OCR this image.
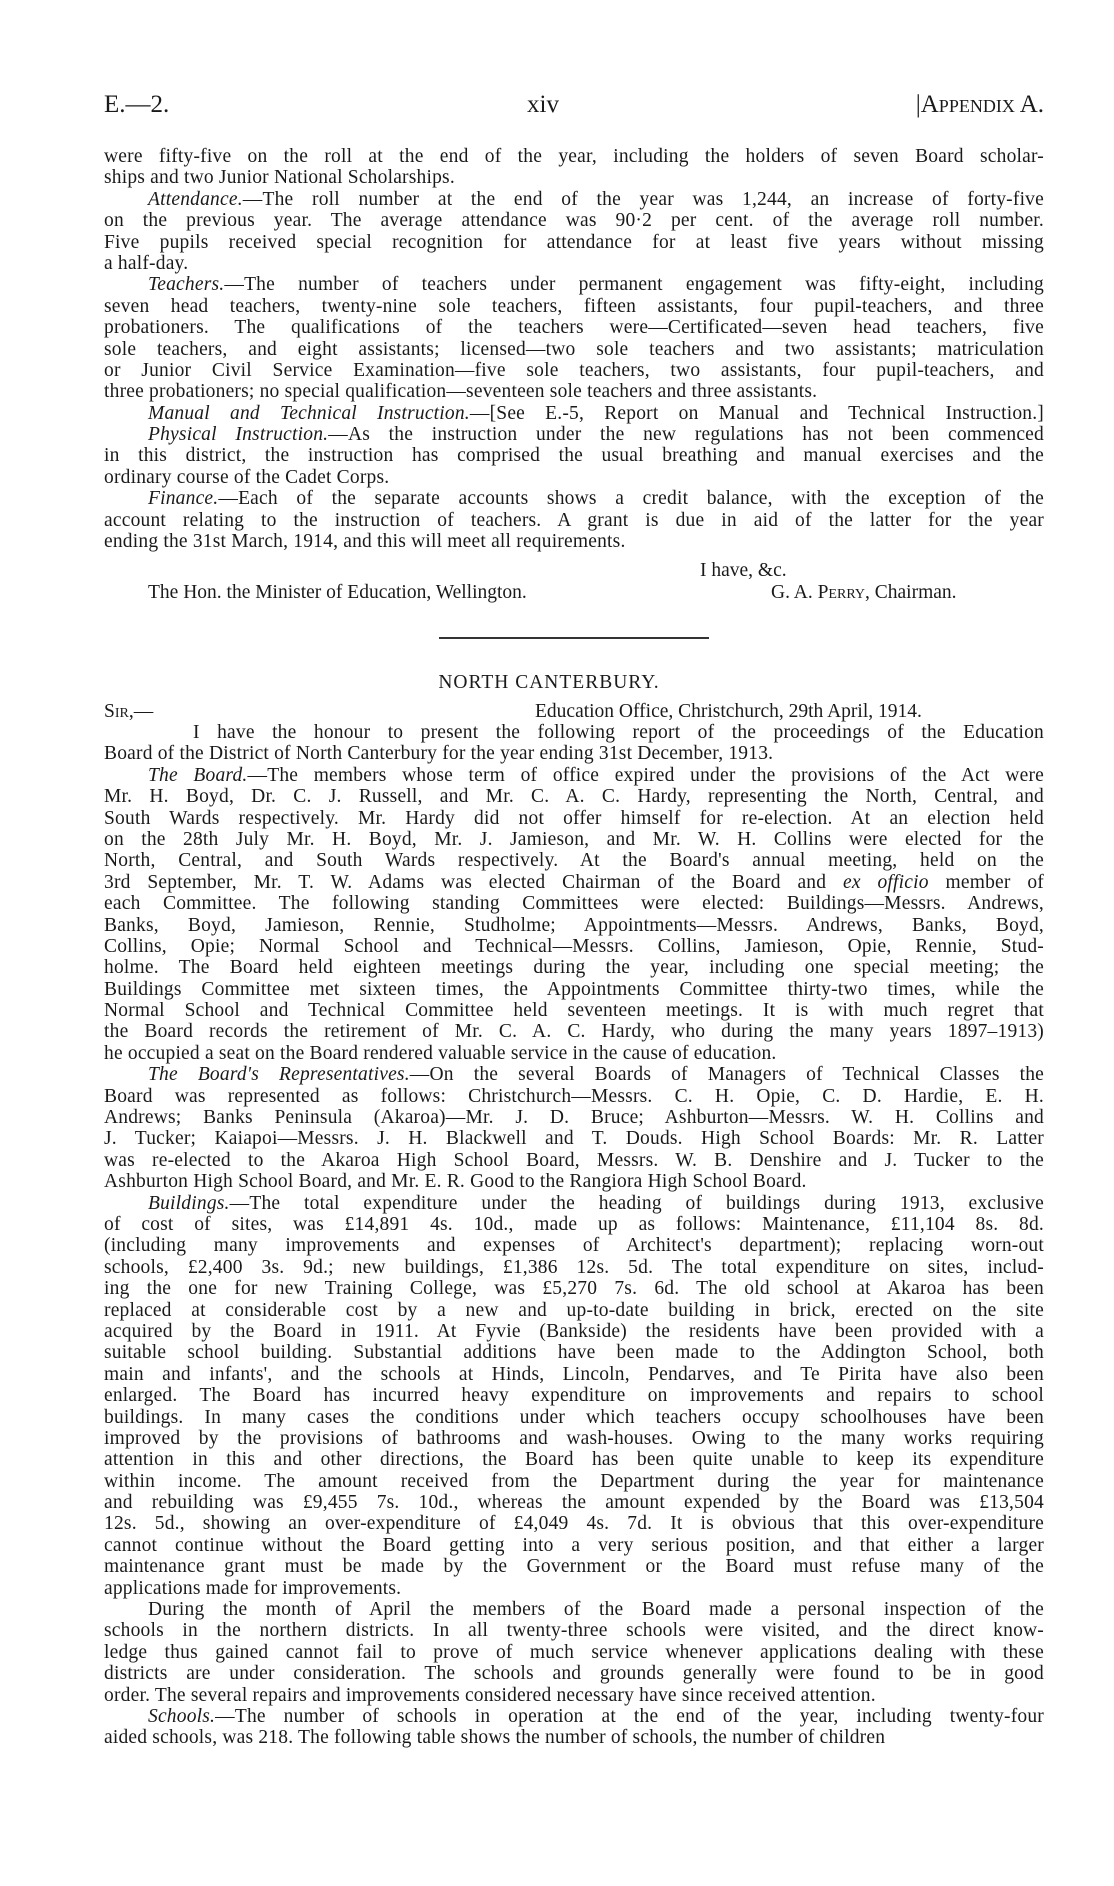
E.—2.	xiv	|Appendix A.
were fifty-five on the roll at the end of the year, including the holders of seven Board scholar-
ships and two Junior National Scholarships.
Attendance.—The roll number at the end of the year was 1,244, an increase of forty-five
on the previous year. The average attendance was 90·2 per cent. of the average roll number.
Five pupils received special recognition for attendance for at least five years without missing
a half-day.
Teachers.—The number of teachers under permanent engagement was fifty-eight, including
seven head teachers, twenty-nine sole teachers, fifteen assistants, four pupil-teachers, and three
probationers. The qualifications of the teachers were—Certificated—seven head teachers, five
sole teachers, and eight assistants; licensed—two sole teachers and two assistants; matriculation
or Junior Civil Service Examination—five sole teachers, two assistants, four pupil-teachers, and
three probationers; no special qualification—seventeen sole teachers and three assistants.
Manual and Technical Instruction.—[See E.-5, Report on Manual and Technical Instruction.]
Physical Instruction.—As the instruction under the new regulations has not been commenced
in this district, the instruction has comprised the usual breathing and manual exercises and the
ordinary course of the Cadet Corps.
Finance.—Each of the separate accounts shows a credit balance, with the exception of the
account relating to the instruction of teachers. A grant is due in aid of the latter for the year
ending the 31st March, 1914, and this will meet all requirements.
I have, &c.
The Hon. the Minister of Education, Wellington.	G. A. Perry, Chairman.
NORTH CANTERBURY.
Sir,—	Education Office, Christchurch, 29th April, 1914.
I have the honour to present the following report of the proceedings of the Education
Board of the District of North Canterbury for the year ending 31st December, 1913.
The Board.—The members whose term of office expired under the provisions of the Act were
Mr. H. Boyd, Dr. C. J. Russell, and Mr. C. A. C. Hardy, representing the North, Central, and
South Wards respectively. Mr. Hardy did not offer himself for re-election. At an election held
on the 28th July Mr. H. Boyd, Mr. J. Jamieson, and Mr. W. H. Collins were elected for the
North, Central, and South Wards respectively. At the Board's annual meeting, held on the
3rd September, Mr. T. W. Adams was elected Chairman of the Board and ex officio member of
each Committee. The following standing Committees were elected: Buildings—Messrs. Andrews,
Banks, Boyd, Jamieson, Rennie, Studholme; Appointments—Messrs. Andrews, Banks, Boyd,
Collins, Opie; Normal School and Technical—Messrs. Collins, Jamieson, Opie, Rennie, Stud-
holme. The Board held eighteen meetings during the year, including one special meeting; the
Buildings Committee met sixteen times, the Appointments Committee thirty-two times, while the
Normal School and Technical Committee held seventeen meetings. It is with much regret that
the Board records the retirement of Mr. C. A. C. Hardy, who during the many years 1897–1913)
he occupied a seat on the Board rendered valuable service in the cause of education.
The Board's Representatives.—On the several Boards of Managers of Technical Classes the
Board was represented as follows: Christchurch—Messrs. C. H. Opie, C. D. Hardie, E. H.
Andrews; Banks Peninsula (Akaroa)—Mr. J. D. Bruce; Ashburton—Messrs. W. H. Collins and
J. Tucker; Kaiapoi—Messrs. J. H. Blackwell and T. Douds. High School Boards: Mr. R. Latter
was re-elected to the Akaroa High School Board, Messrs. W. B. Denshire and J. Tucker to the
Ashburton High School Board, and Mr. E. R. Good to the Rangiora High School Board.
Buildings.—The total expenditure under the heading of buildings during 1913, exclusive
of cost of sites, was £14,891 4s. 10d., made up as follows: Maintenance, £11,104 8s. 8d.
(including many improvements and expenses of Architect's department); replacing worn-out
schools, £2,400 3s. 9d.; new buildings, £1,386 12s. 5d. The total expenditure on sites, includ-
ing the one for new Training College, was £5,270 7s. 6d. The old school at Akaroa has been
replaced at considerable cost by a new and up-to-date building in brick, erected on the site
acquired by the Board in 1911. At Fyvie (Bankside) the residents have been provided with a
suitable school building. Substantial additions have been made to the Addington School, both
main and infants', and the schools at Hinds, Lincoln, Pendarves, and Te Pirita have also been
enlarged. The Board has incurred heavy expenditure on improvements and repairs to school
buildings. In many cases the conditions under which teachers occupy schoolhouses have been
improved by the provisions of bathrooms and wash-houses. Owing to the many works requiring
attention in this and other directions, the Board has been quite unable to keep its expenditure
within income. The amount received from the Department during the year for maintenance
and rebuilding was £9,455 7s. 10d., whereas the amount expended by the Board was £13,504
12s. 5d., showing an over-expenditure of £4,049 4s. 7d. It is obvious that this over-expenditure
cannot continue without the Board getting into a very serious position, and that either a larger
maintenance grant must be made by the Government or the Board must refuse many of the
applications made for improvements.
During the month of April the members of the Board made a personal inspection of the
schools in the northern districts. In all twenty-three schools were visited, and the direct know-
ledge thus gained cannot fail to prove of much service whenever applications dealing with these
districts are under consideration. The schools and grounds generally were found to be in good
order. The several repairs and improvements considered necessary have since received attention.
Schools.—The number of schools in operation at the end of the year, including twenty-four
aided schools, was 218. The following table shows the number of schools, the number of children
